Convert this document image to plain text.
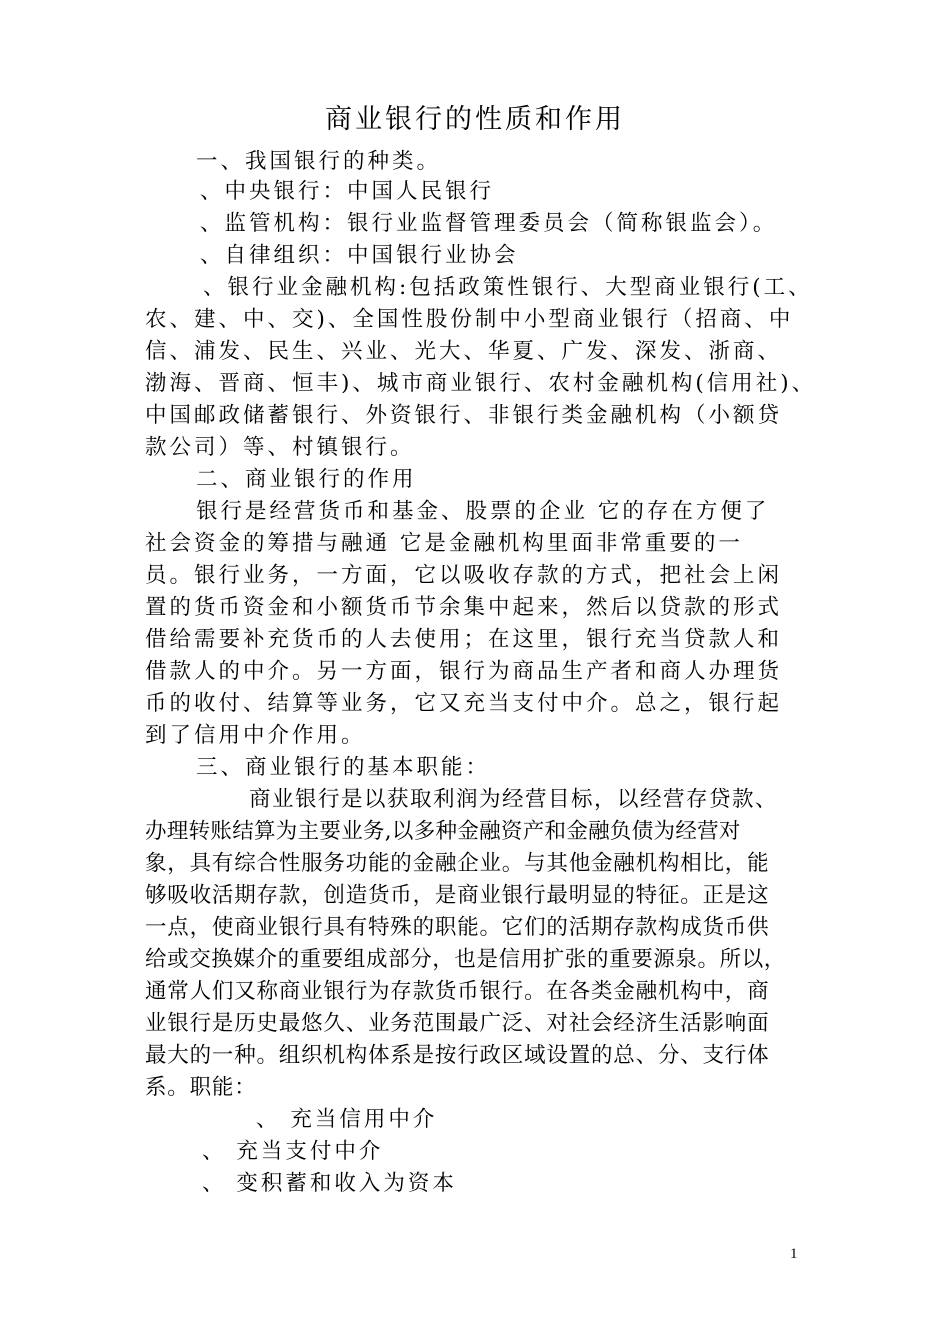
商业银行的性质和作用
一、我国银行的种类。
、中央银行：中国人民银行
、监管机构：银行业监督管理委员会（简称银监会）。
、自律组织：中国银行业协会
、银行业金融机构:包括政策性银行、大型商业银行(工、
农、建、中、交)、全国性股份制中小型商业银行（招商、中
信、浦发、民生、兴业、光大、华夏、广发、深发、浙商、
渤海、晋商、恒丰)、城市商业银行、农村金融机构(信用社)、
中国邮政储蓄银行、外资银行、非银行类金融机构（小额贷
款公司）等、村镇银行。
二、商业银行的作用
银行是经营货币和基金、股票的企业 它的存在方便了
社会资金的筹措与融通 它是金融机构里面非常重要的一
员。银行业务，一方面，它以吸收存款的方式，把社会上闲
置的货币资金和小额货币节余集中起来，然后以贷款的形式
借给需要补充货币的人去使用；在这里，银行充当贷款人和
借款人的中介。另一方面，银行为商品生产者和商人办理货
币的收付、结算等业务，它又充当支付中介。总之，银行起
到了信用中介作用。
三、商业银行的基本职能：
商业银行是以获取利润为经营目标，以经营存贷款、
办理转账结算为主要业务,以多种金融资产和金融负债为经营对
象，具有综合性服务功能的金融企业。与其他金融机构相比，能
够吸收活期存款，创造货币，是商业银行最明显的特征。正是这
一点，使商业银行具有特殊的职能。它们的活期存款构成货币供
给或交换媒介的重要组成部分，也是信用扩张的重要源泉。所以，
通常人们又称商业银行为存款货币银行。在各类金融机构中，商
业银行是历史最悠久、业务范围最广泛、对社会经济生活影响面
最大的一种。组织机构体系是按行政区域设置的总、分、支行体
系。职能：
、 充当信用中介
、 充当支付中介
、 变积蓄和收入为资本
1
